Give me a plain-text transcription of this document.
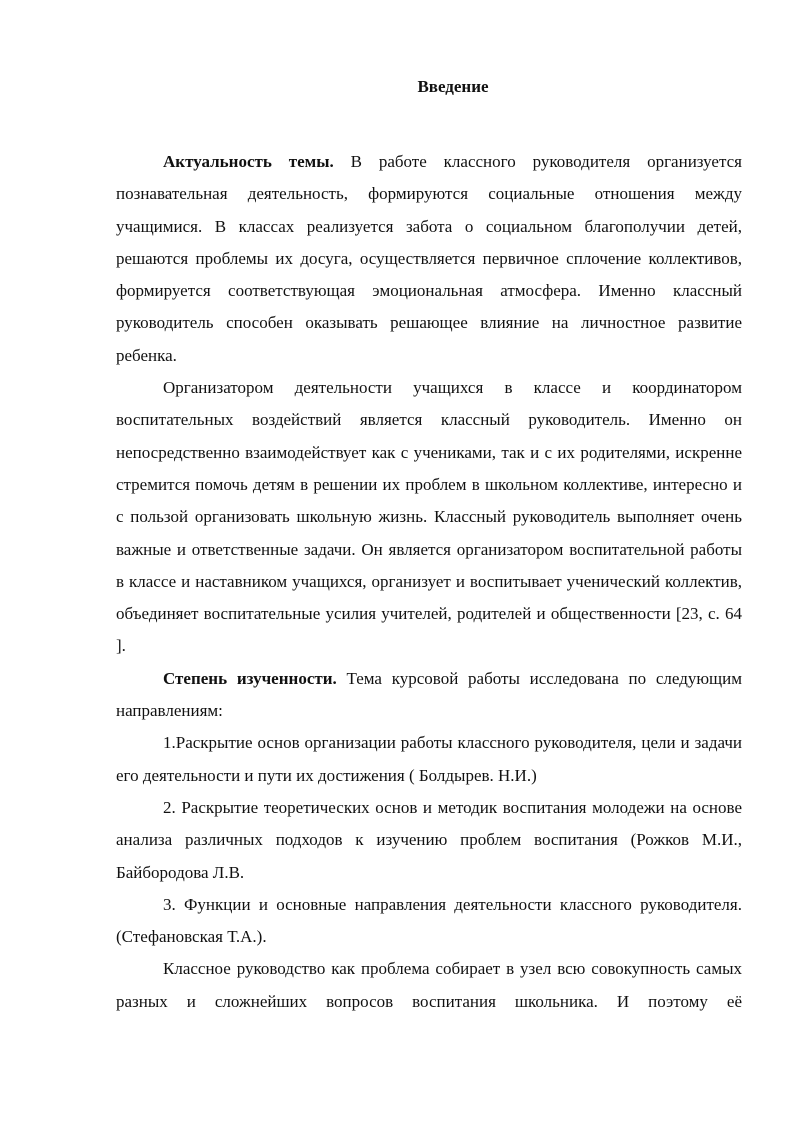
Введение

Актуальность темы. В работе классного руководителя организуется познавательная деятельность, формируются социальные отношения между учащимися. В классах реализуется забота о социальном благополучии детей, решаются проблемы их досуга, осуществляется первичное сплочение коллективов, формируется соответствующая эмоциональная атмосфера. Именно классный руководитель способен оказывать решающее влияние на личностное развитие ребенка.

Организатором деятельности учащихся в классе и координатором воспитательных воздействий является классный руководитель. Именно он непосредственно взаимодействует как с учениками, так и с их родителями, искренне стремится помочь детям в решении их проблем в школьном коллективе, интересно и с пользой организовать школьную жизнь. Классный руководитель выполняет очень важные и ответственные задачи. Он является организатором воспитательной работы в классе и наставником учащихся, организует и воспитывает ученический коллектив, объединяет воспитательные усилия учителей, родителей и общественности [23, с. 64 ].

Степень изученности. Тема курсовой работы исследована по следующим направлениям:

1.Раскрытие основ организации работы классного руководителя, цели и задачи его деятельности и пути их достижения ( Болдырев. Н.И.)

2. Раскрытие теоретических основ и методик воспитания молодежи на основе анализа различных подходов к изучению проблем воспитания (Рожков М.И., Байбородова Л.В.

3. Функции и основные направления деятельности классного руководителя.(Стефановская Т.А.).

Классное руководство как проблема собирает в узел всю совокупность самых разных и сложнейших вопросов воспитания школьника. И поэтому её
